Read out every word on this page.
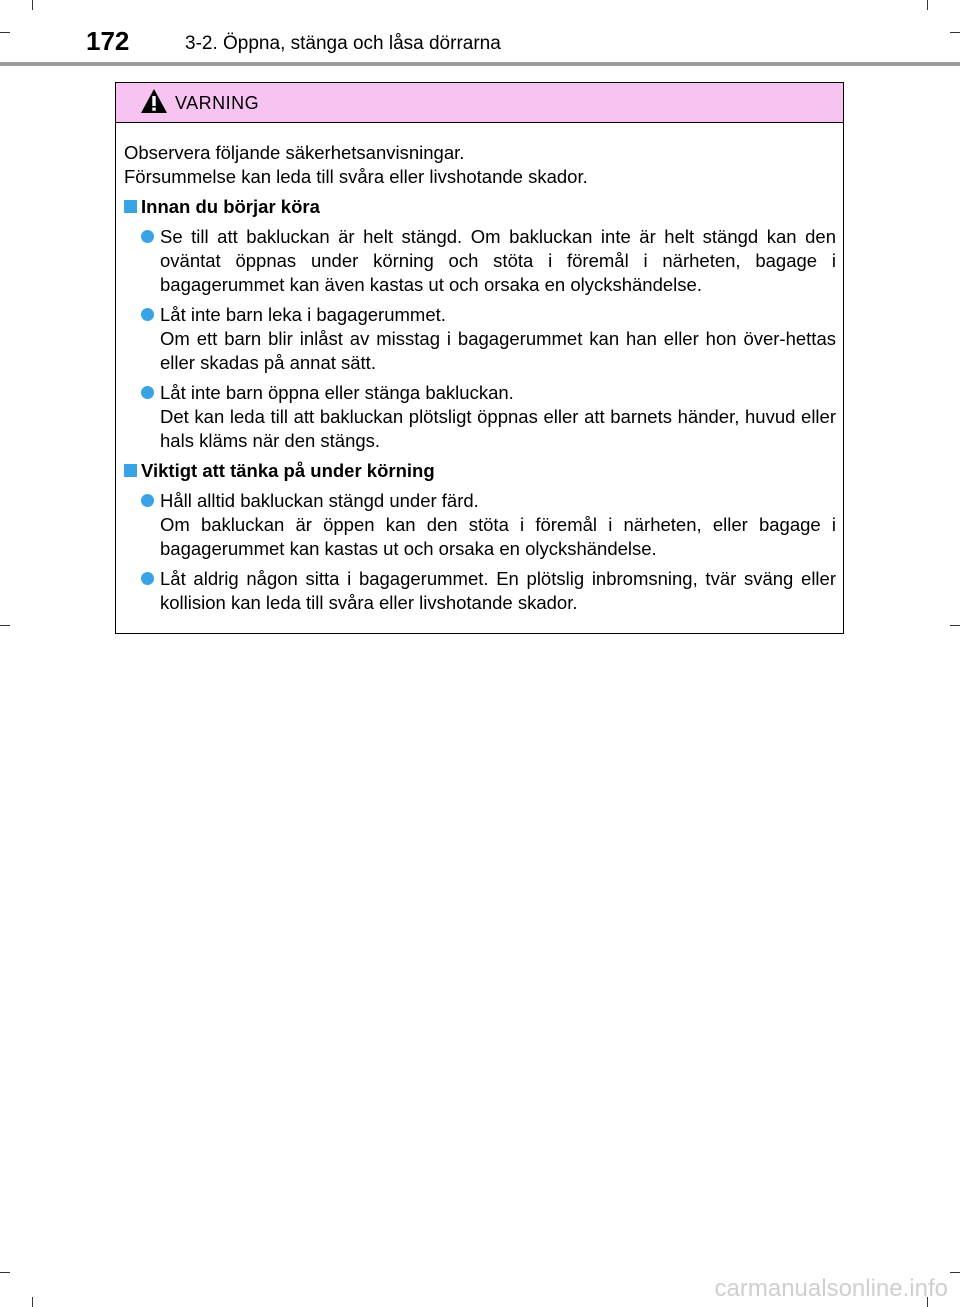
172	3-2. Öppna, stänga och låsa dörrarna
VARNING

Observera följande säkerhetsanvisningar.

Försummelse kan leda till svåra eller livshotande skador.

Innan du börjar köra

Se till att bakluckan är helt stängd. Om bakluckan inte är helt stängd kan den oväntat öppnas under körning och stöta i föremål i närheten, bagage i bagagerummet kan även kastas ut och orsaka en olyckshändelse.

Låt inte barn leka i bagagerummet.

Om ett barn blir inlåst av misstag i bagagerummet kan han eller hon över-hettas eller skadas på annat sätt.

Låt inte barn öppna eller stänga bakluckan.

Det kan leda till att bakluckan plötsligt öppnas eller att barnets händer, huvud eller hals kläms när den stängs.

Viktigt att tänka på under körning

Håll alltid bakluckan stängd under färd.

Om bakluckan är öppen kan den stöta i föremål i närheten, eller bagage i bagagerummet kan kastas ut och orsaka en olyckshändelse.

Låt aldrig någon sitta i bagagerummet. En plötslig inbromsning, tvär sväng eller kollision kan leda till svåra eller livshotande skador.

carmanualsonline.info
